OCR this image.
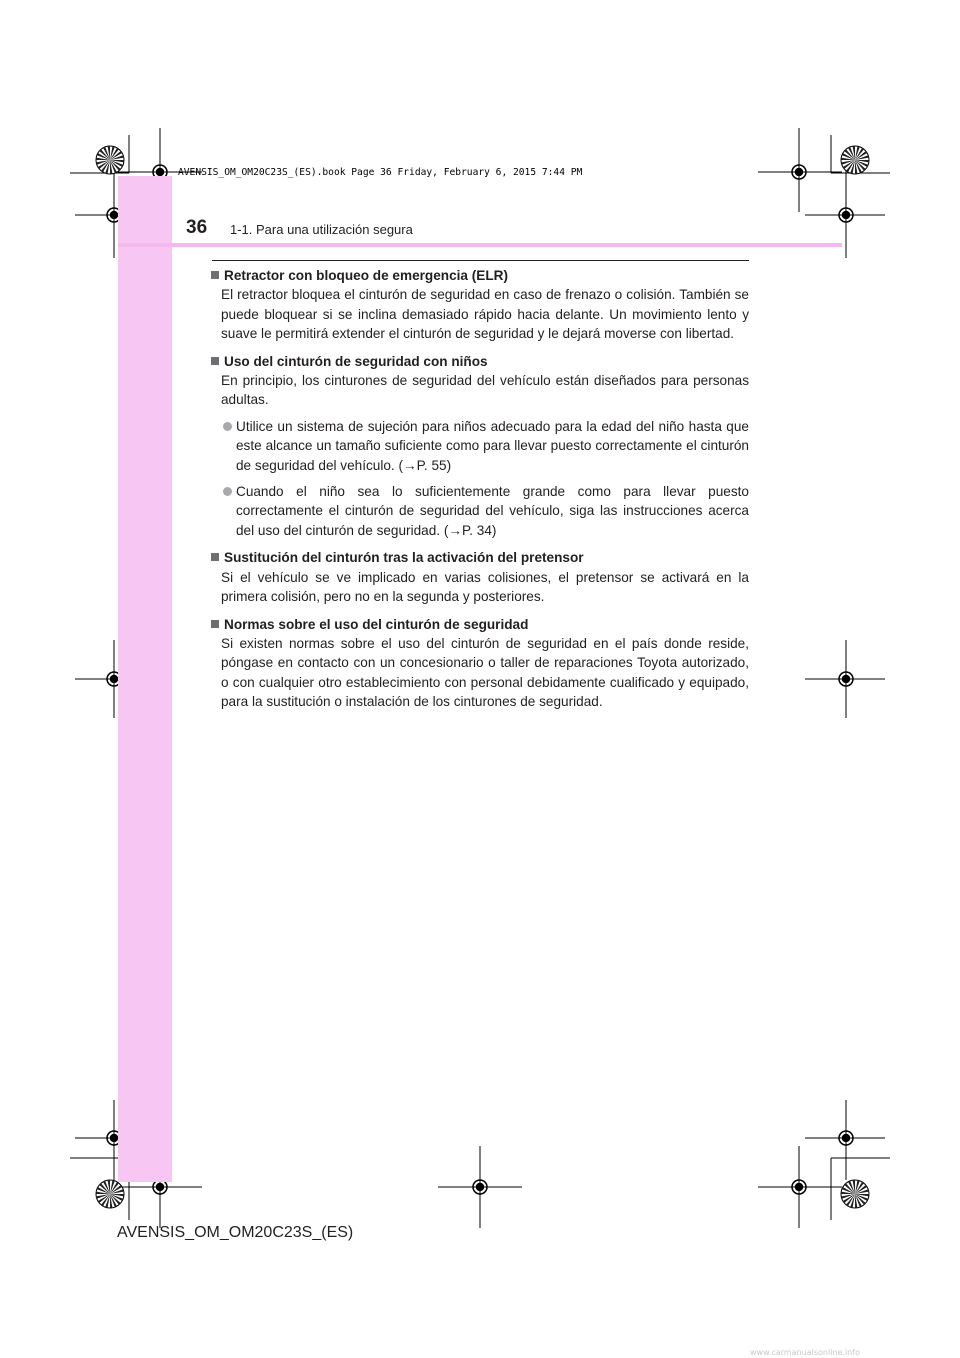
AVENSIS_OM_OM20C23S_(ES).book Page 36 Friday, February 6, 2015 7:44 PM
36 1-1. Para una utilización segura
Retractor con bloqueo de emergencia (ELR)
El retractor bloquea el cinturón de seguridad en caso de frenazo o colisión. También se puede bloquear si se inclina demasiado rápido hacia delante. Un movimiento lento y suave le permitirá extender el cinturón de seguridad y le dejará moverse con libertad.
Uso del cinturón de seguridad con niños
En principio, los cinturones de seguridad del vehículo están diseñados para personas adultas.
Utilice un sistema de sujeción para niños adecuado para la edad del niño hasta que este alcance un tamaño suficiente como para llevar puesto correctamente el cinturón de seguridad del vehículo. (→P. 55)
Cuando el niño sea lo suficientemente grande como para llevar puesto correctamente el cinturón de seguridad del vehículo, siga las instrucciones acerca del uso del cinturón de seguridad. (→P. 34)
Sustitución del cinturón tras la activación del pretensor
Si el vehículo se ve implicado en varias colisiones, el pretensor se activará en la primera colisión, pero no en la segunda y posteriores.
Normas sobre el uso del cinturón de seguridad
Si existen normas sobre el uso del cinturón de seguridad en el país donde reside, póngase en contacto con un concesionario o taller de reparaciones Toyota autorizado, o con cualquier otro establecimiento con personal debidamente cualificado y equipado, para la sustitución o instalación de los cinturones de seguridad.
AVENSIS_OM_OM20C23S_(ES)
www.carmanualsonline.info
